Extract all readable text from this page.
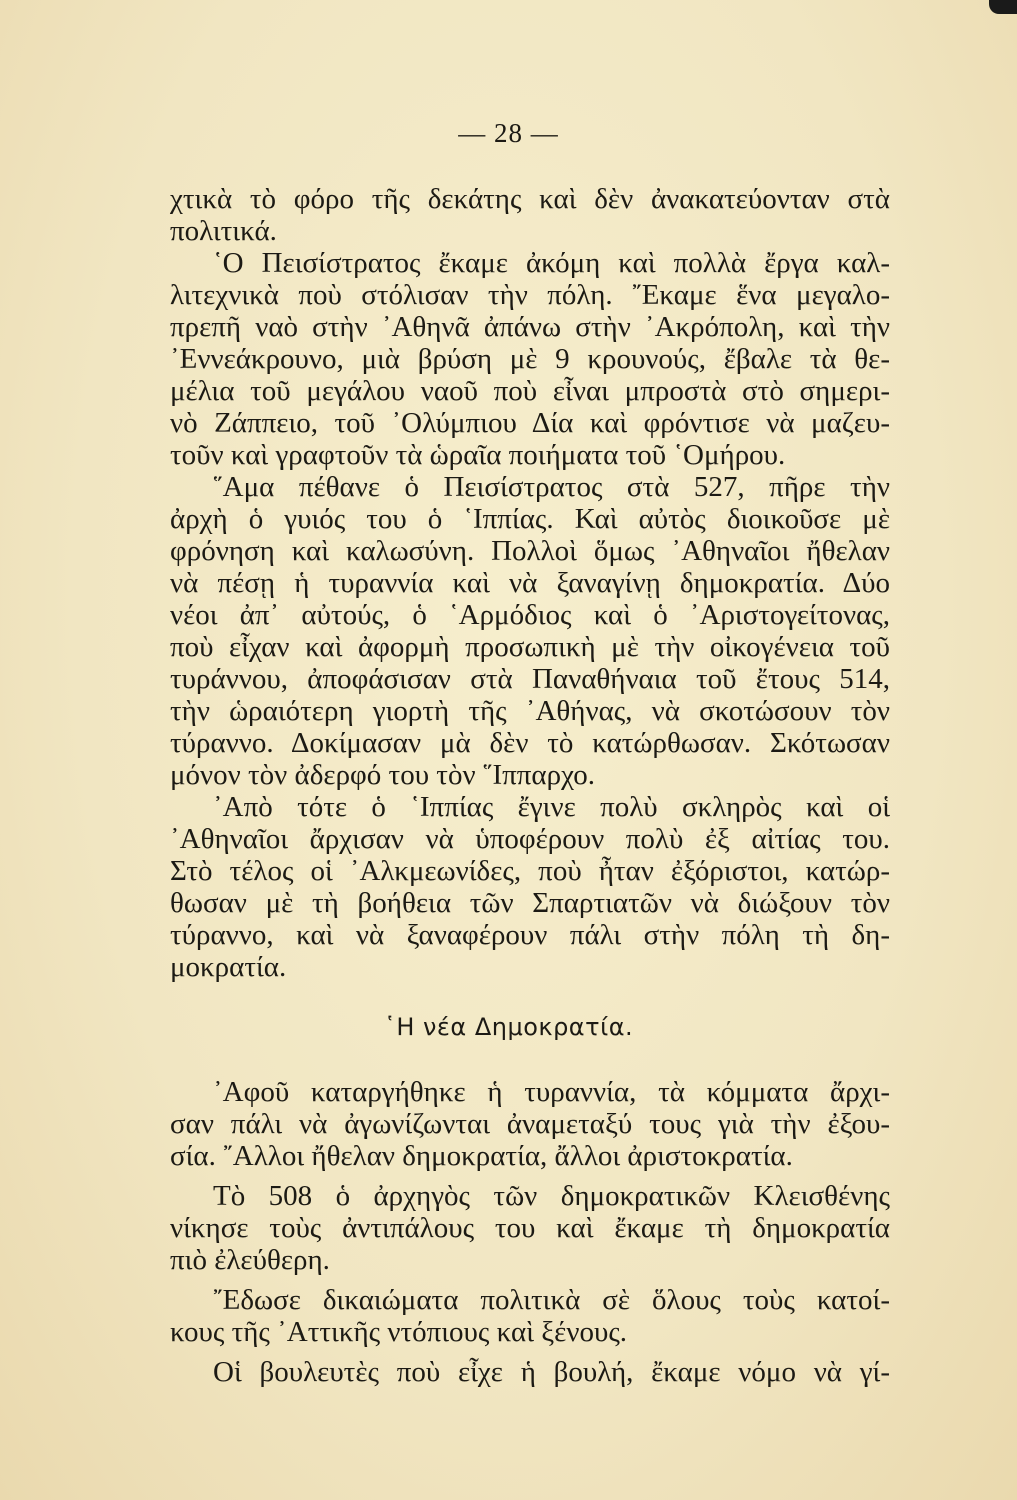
— 28 —
χτικὰ τὸ φόρο τῆς δεκάτης καὶ δὲν ἀνακατεύονταν στὰ
πολιτικά.
῾Ο Πεισίστρατος ἔκαμε ἀκόμη καὶ πολλὰ ἔργα καλ-
λιτεχνικὰ ποὺ στόλισαν τὴν πόλη. ῎Εκαμε ἕνα μεγαλο-
πρεπῆ ναὸ στὴν ᾿Αθηνᾶ ἀπάνω στὴν ᾿Ακρόπολη, καὶ τὴν
᾿Εννεάκρουνο, μιὰ βρύση μὲ 9 κρουνούς, ἔβαλε τὰ θε-
μέλια τοῦ μεγάλου ναοῦ ποὺ εἶναι μπροστὰ στὸ σημερι-
νὸ Ζάππειο, τοῦ ᾿Ολύμπιου Δία καὶ φρόντισε νὰ μαζευ-
τοῦν καὶ γραφτοῦν τὰ ὡραῖα ποιήματα τοῦ ῾Ομήρου.
῞Αμα πέθανε ὁ Πεισίστρατος στὰ 527, πῆρε τὴν
ἀρχὴ ὁ γυιός του ὁ ῾Ιππίας. Καὶ αὐτὸς διοικοῦσε μὲ
φρόνηση καὶ καλωσύνη. Πολλοὶ ὅμως ᾿Αθηναῖοι ἤθελαν
νὰ πέσῃ ἡ τυραννία καὶ νὰ ξαναγίνῃ δημοκρατία. Δύο
νέοι ἀπ᾿ αὐτούς, ὁ ῾Αρμόδιος καὶ ὁ ᾿Αριστογείτονας,
ποὺ εἶχαν καὶ ἀφορμὴ προσωπικὴ μὲ τὴν οἰκογένεια τοῦ
τυράννου, ἀποφάσισαν στὰ Παναθήναια τοῦ ἔτους 514,
τὴν ὡραιότερη γιορτὴ τῆς ᾿Αθήνας, νὰ σκοτώσουν τὸν
τύραννο. Δοκίμασαν μὰ δὲν τὸ κατώρθωσαν. Σκότωσαν
μόνον τὸν ἀδερφό του τὸν ῞Ιππαρχο.
᾿Απὸ τότε ὁ ῾Ιππίας ἔγινε πολὺ σκληρὸς καὶ οἱ
᾿Αθηναῖοι ἄρχισαν νὰ ὑποφέρουν πολὺ ἐξ αἰτίας του.
Στὸ τέλος οἱ ᾿Αλκμεωνίδες, ποὺ ἦταν ἐξόριστοι, κατώρ-
θωσαν μὲ τὴ βοήθεια τῶν Σπαρτιατῶν νὰ διώξουν τὸν
τύραννο, καὶ νὰ ξαναφέρουν πάλι στὴν πόλη τὴ δη-
μοκρατία.
῾Η νέα Δημοκρατία.
᾿Αφοῦ καταργήθηκε ἡ τυραννία, τὰ κόμματα ἄρχι-
σαν πάλι νὰ ἀγωνίζωνται ἀναμεταξύ τους γιὰ τὴν ἐξου-
σία. ῎Αλλοι ἤθελαν δημοκρατία, ἄλλοι ἀριστοκρατία.
Τὸ 508 ὁ ἀρχηγὸς τῶν δημοκρατικῶν Κλεισθένης
νίκησε τοὺς ἀντιπάλους του καὶ ἔκαμε τὴ δημοκρατία
πιὸ ἐλεύθερη.
῎Εδωσε δικαιώματα πολιτικὰ σὲ ὅλους τοὺς κατοί-
κους τῆς ᾿Αττικῆς ντόπιους καὶ ξένους.
Οἱ βουλευτὲς ποὺ εἶχε ἡ βουλή, ἔκαμε νόμο νὰ γί-
